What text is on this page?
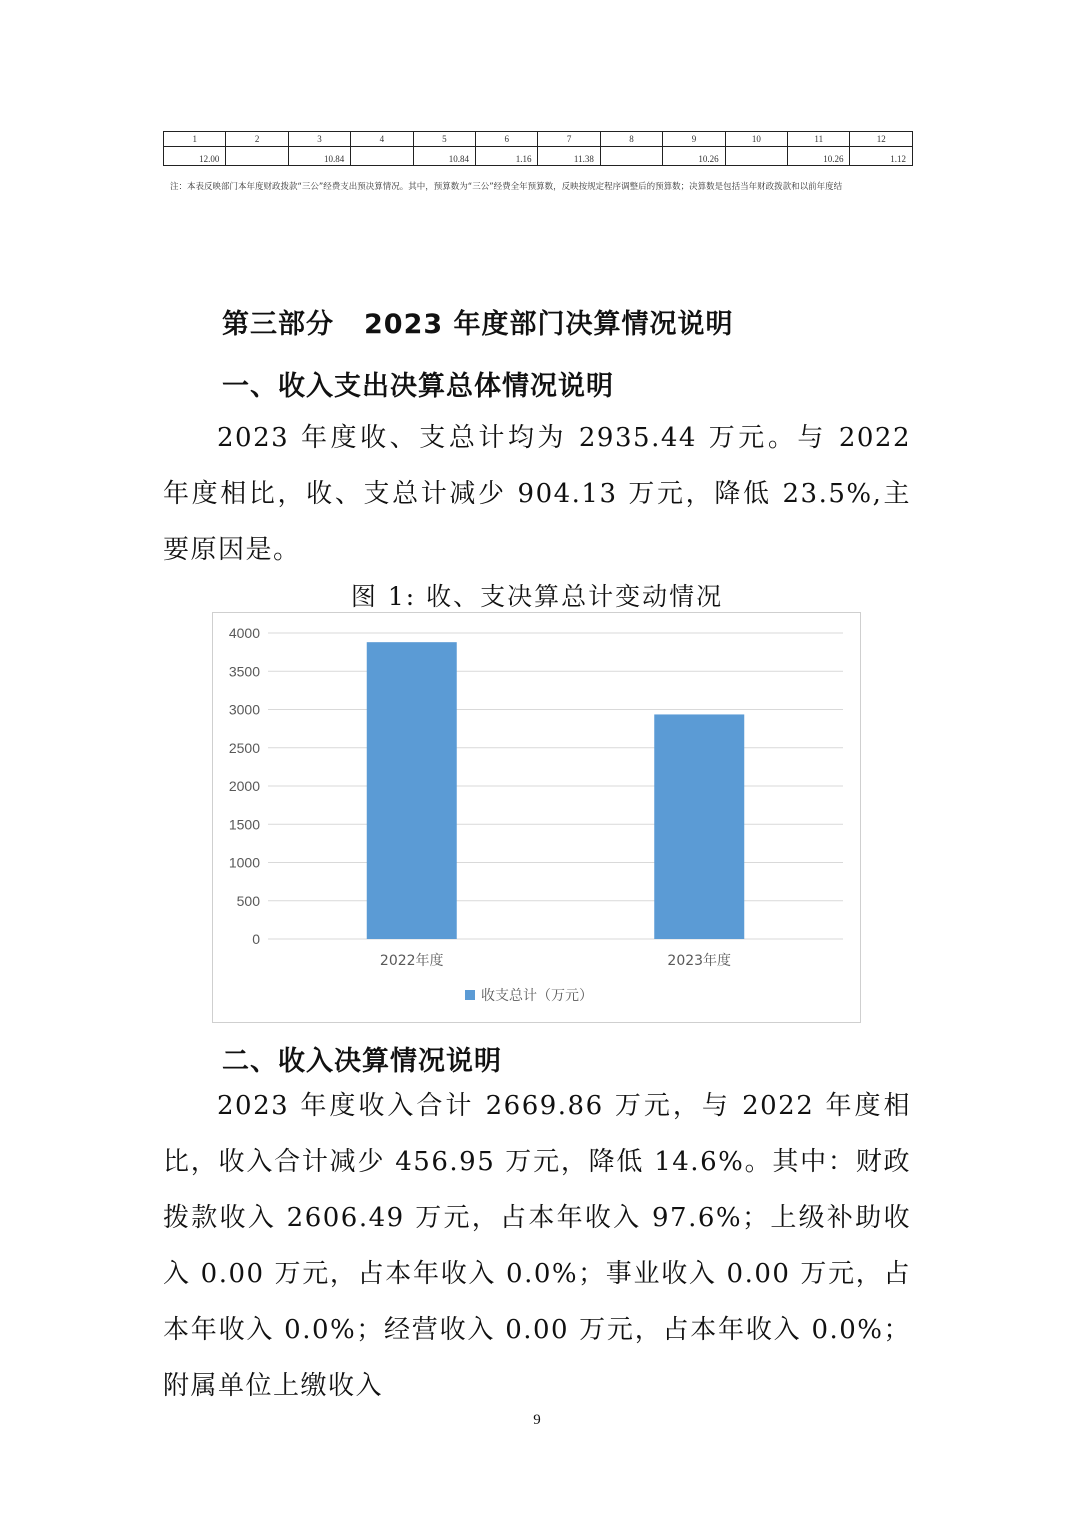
1	2	3	4	5	6	7	8	9	10	11	12
12.00		10.84		10.84	1.16	11.38		10.26		10.26	1.12
注：本表反映部门本年度财政拨款“三公”经费支出预决算情况。其中，预算数为“三公”经费全年预算数，反映按规定程序调整后的预算数；决算数是包括当年财政拨款和以前年度结
第三部分 2023 年度部门决算情况说明
一、收入支出决算总体情况说明

2023 年度收、支总计均为 2935.44 万元。与 2022 年度相比，收、支总计减少 904.13 万元，降低 23.5%,主要原因是。

图 1: 收、支决算总计变动情况
0
500
1000
1500
2000
2500
3000
3500
4000
2022年度	2023年度
收支总计（万元）
二、收入决算情况说明

2023 年度收入合计 2669.86 万元，与 2022 年度相比，收入合计减少 456.95 万元，降低 14.6%。其中：财政拨款收入 2606.49 万元，占本年收入 97.6%；上级补助收入 0.00 万元，占本年收入 0.0%；事业收入 0.00 万元，占本年收入 0.0%；经营收入 0.00 万元，占本年收入 0.0%；附属单位上缴收入

9
